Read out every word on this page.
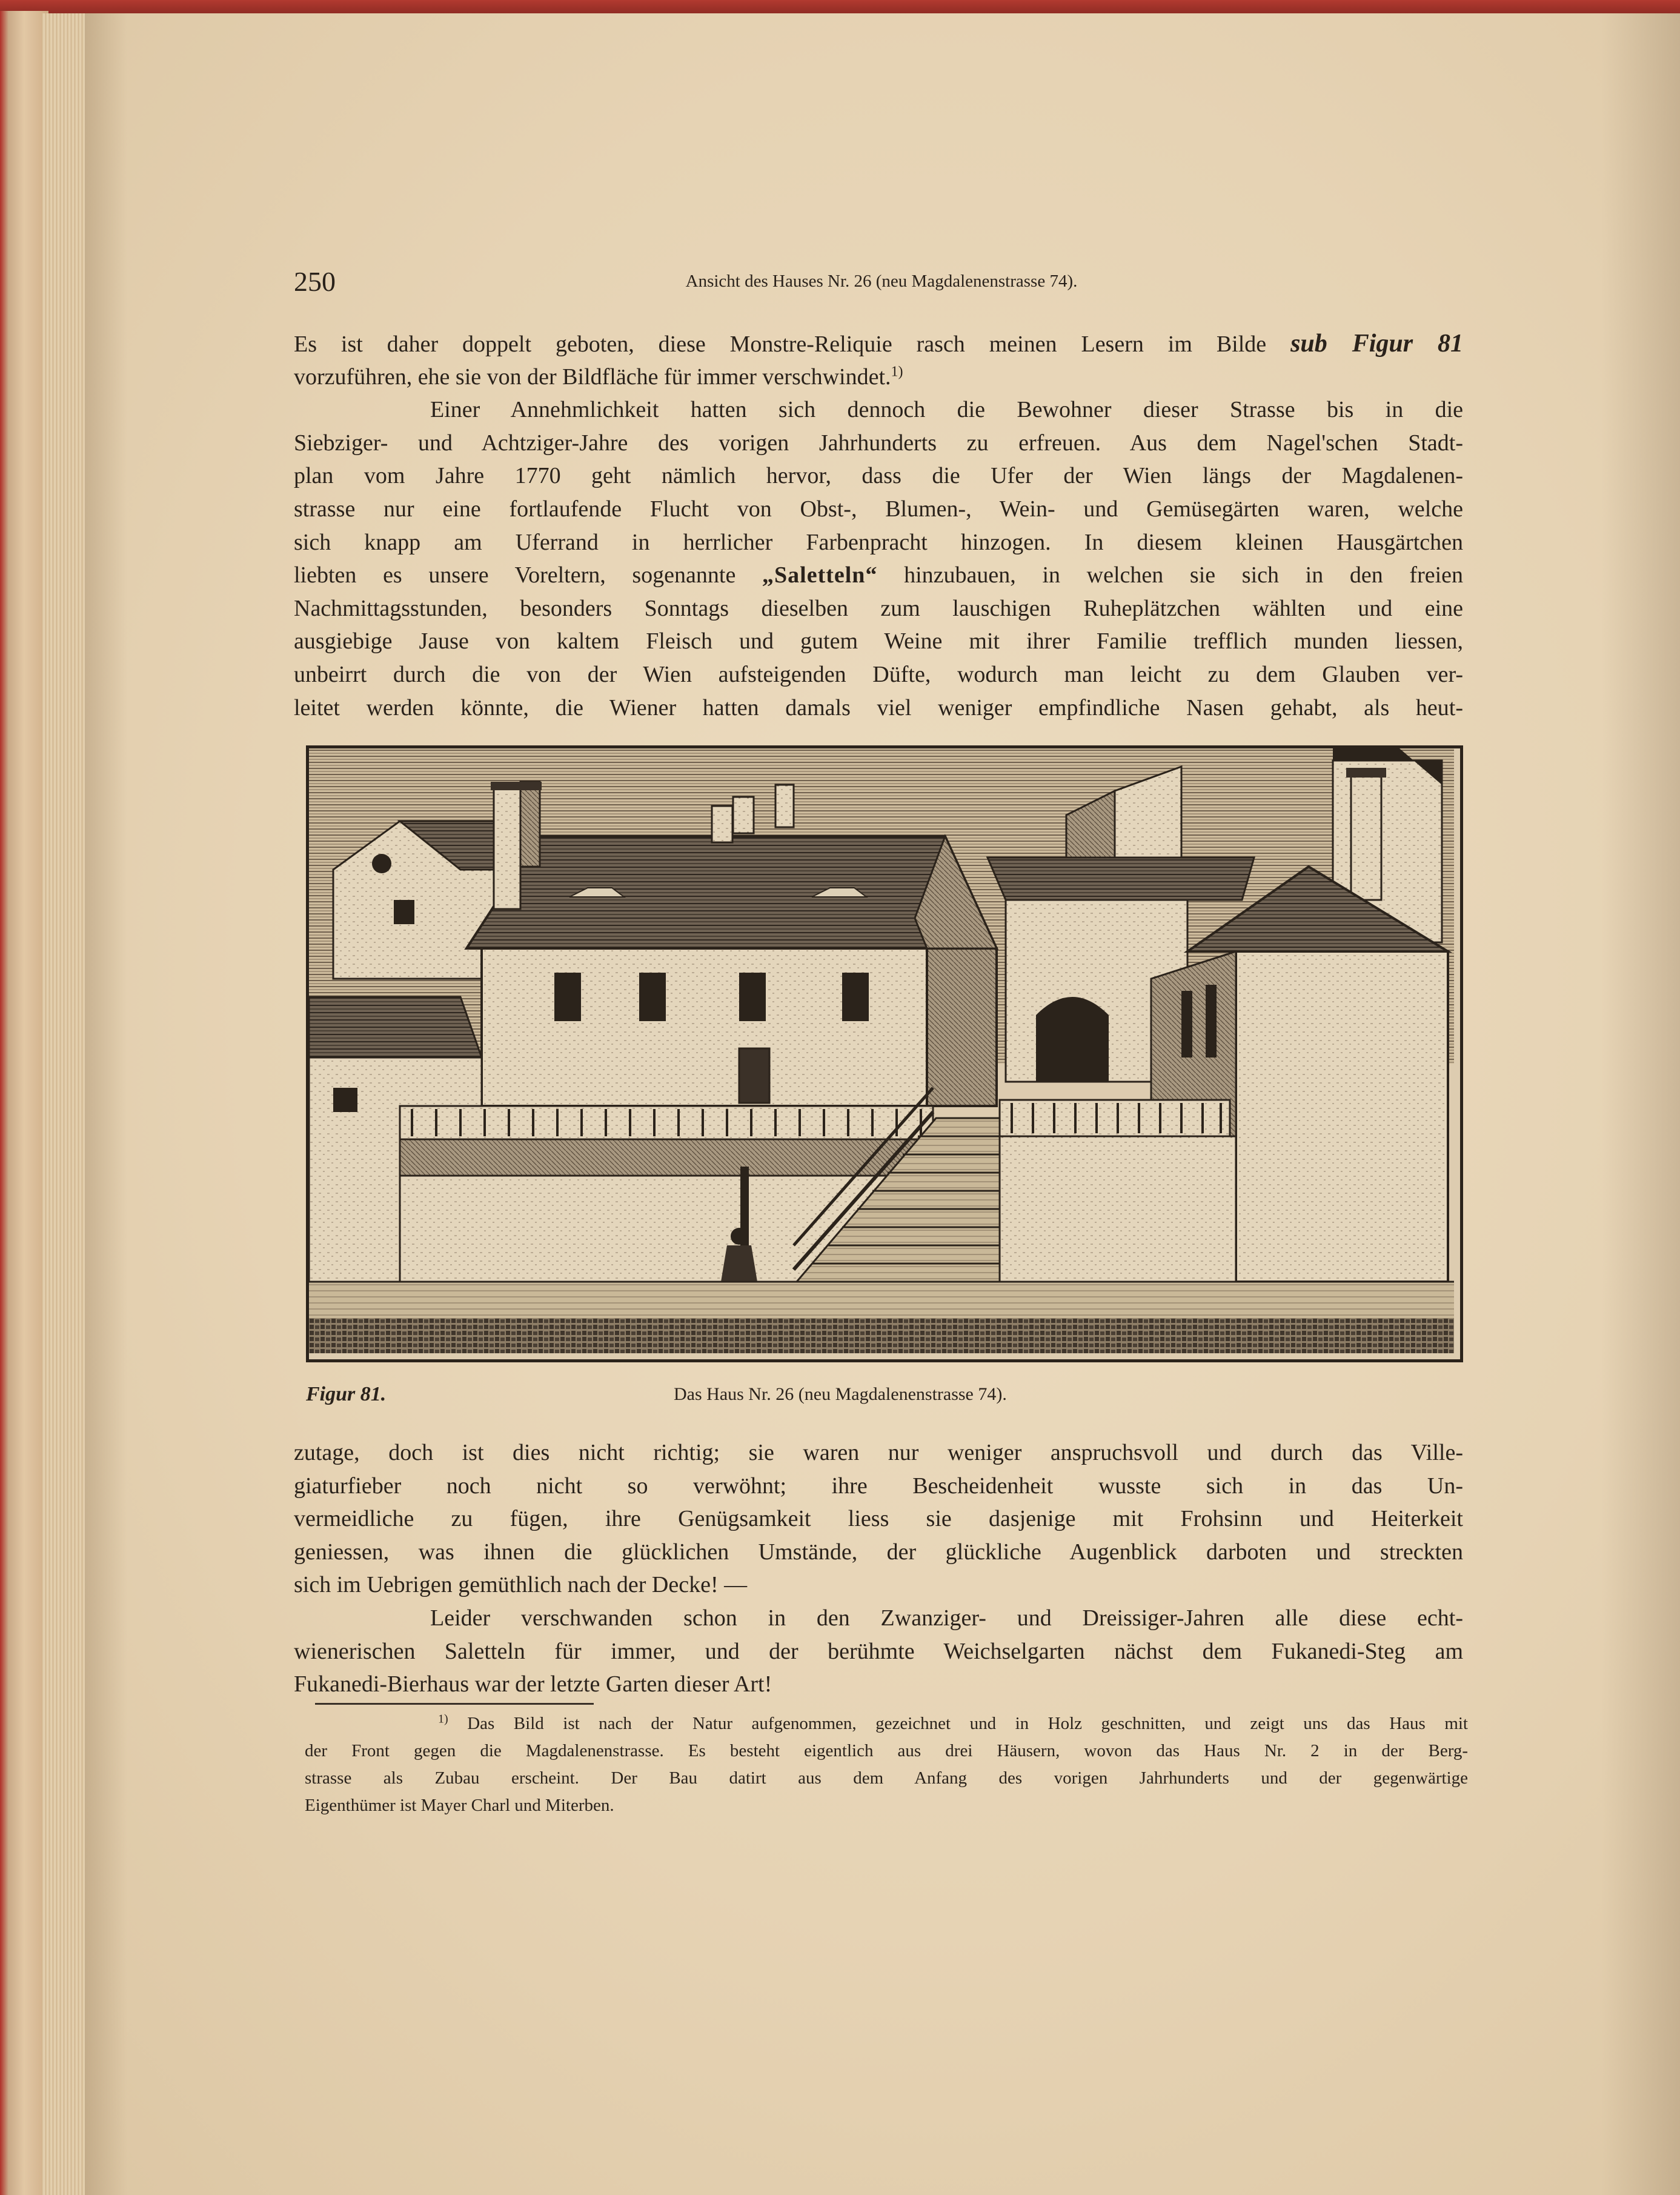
250	Ansicht des Hauses Nr. 26 (neu Magdalenenstrasse 74).
Es ist daher doppelt geboten, diese Monstre-Reliquie rasch meinen Lesern im Bilde sub Figur 81
vorzuführen, ehe sie von der Bildfläche für immer verschwindet.$^{1)}$
Einer Annehmlichkeit hatten sich dennoch die Bewohner dieser Strasse bis in die
Siebziger- und Achtziger-Jahre des vorigen Jahrhunderts zu erfreuen. Aus dem Nagel'schen Stadt-
plan vom Jahre 1770 geht nämlich hervor, dass die Ufer der Wien längs der Magdalenen-
strasse nur eine fortlaufende Flucht von Obst-, Blumen-, Wein- und Gemüsegärten waren, welche
sich knapp am Uferrand in herrlicher Farbenpracht hinzogen. In diesem kleinen Hausgärtchen
liebten es unsere Voreltern, sogenannte „Saletteln“ hinzubauen, in welchen sie sich in den freien
Nachmittagsstunden, besonders Sonntags dieselben zum lauschigen Ruheplätzchen wählten und eine
ausgiebige Jause von kaltem Fleisch und gutem Weine mit ihrer Familie trefflich munden liessen,
unbeirrt durch die von der Wien aufsteigenden Düfte, wodurch man leicht zu dem Glauben ver-
leitet werden könnte, die Wiener hatten damals viel weniger empfindliche Nasen gehabt, als heut-
Figur 81.	Das Haus Nr. 26 (neu Magdalenenstrasse 74).
zutage, doch ist dies nicht richtig; sie waren nur weniger anspruchsvoll und durch das Ville-
giaturfieber noch nicht so verwöhnt; ihre Bescheidenheit wusste sich in das Un-
vermeidliche zu fügen, ihre Genügsamkeit liess sie dasjenige mit Frohsinn und Heiterkeit
geniessen, was ihnen die glücklichen Umstände, der glückliche Augenblick darboten und streckten
sich im Uebrigen gemüthlich nach der Decke! —
Leider verschwanden schon in den Zwanziger- und Dreissiger-Jahren alle diese echt-
wienerischen Saletteln für immer, und der berühmte Weichselgarten nächst dem Fukanedi-Steg am
Fukanedi-Bierhaus war der letzte Garten dieser Art!
$^{1)}$ Das Bild ist nach der Natur aufgenommen, gezeichnet und in Holz geschnitten, und zeigt uns das Haus mit
der Front gegen die Magdalenenstrasse. Es besteht eigentlich aus drei Häusern, wovon das Haus Nr. 2 in der Berg-
strasse als Zubau erscheint. Der Bau datirt aus dem Anfang des vorigen Jahrhunderts und der gegenwärtige
Eigenthümer ist Mayer Charl und Miterben.
